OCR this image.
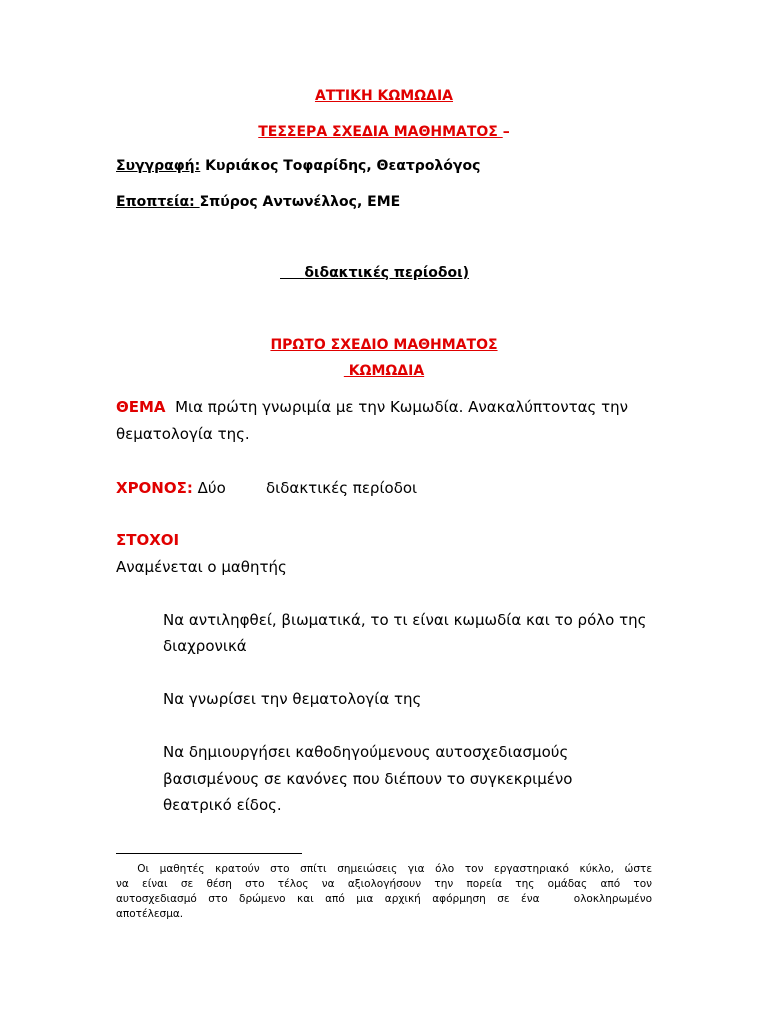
ΑΤΤΙΚΗ ΚΩΜΩΔΙΑ
ΤΕΣΣΕΡΑ ΣΧΕΔΙΑ ΜΑΘΗΜΑΤΟΣ –
Συγγραφή: Κυριάκος Τοφαρίδης, Θεατρολόγος
Εποπτεία: Σπύρος Αντωνέλλος, ΕΜΕ
διδακτικές περίοδοι)
ΠΡΩΤΟ ΣΧΕΔΙΟ ΜΑΘΗΜΑΤΟΣ
ΚΩΜΩΔΙΑ
ΘΕΜΑ  Μια πρώτη γνωριμία με την Κωμωδία. Ανακαλύπτοντας την
θεματολογία της.
ΧΡΟΝΟΣ: Δύο	διδακτικές περίοδοι
ΣΤΟΧΟΙ
Αναμένεται ο μαθητής
Να αντιληφθεί, βιωματικά, το τι είναι κωμωδία και το ρόλο της
διαχρονικά
Να γνωρίσει την θεματολογία της
Να δημιουργήσει καθοδηγούμενους αυτοσχεδιασμούς
βασισμένους σε κανόνες που διέπουν το συγκεκριμένο
θεατρικό είδος.

Οι μαθητές κρατούν στο σπίτι σημειώσεις για όλο τον εργαστηριακό κύκλο, ώστε

να είναι σε θέση στο τέλος να αξιολογήσουν την πορεία της ομάδας από τον

αυτοσχεδιασμό στο δρώμενο και από μια αρχική αφόρμηση σε ένα   ολοκληρωμένο

αποτέλεσμα.
